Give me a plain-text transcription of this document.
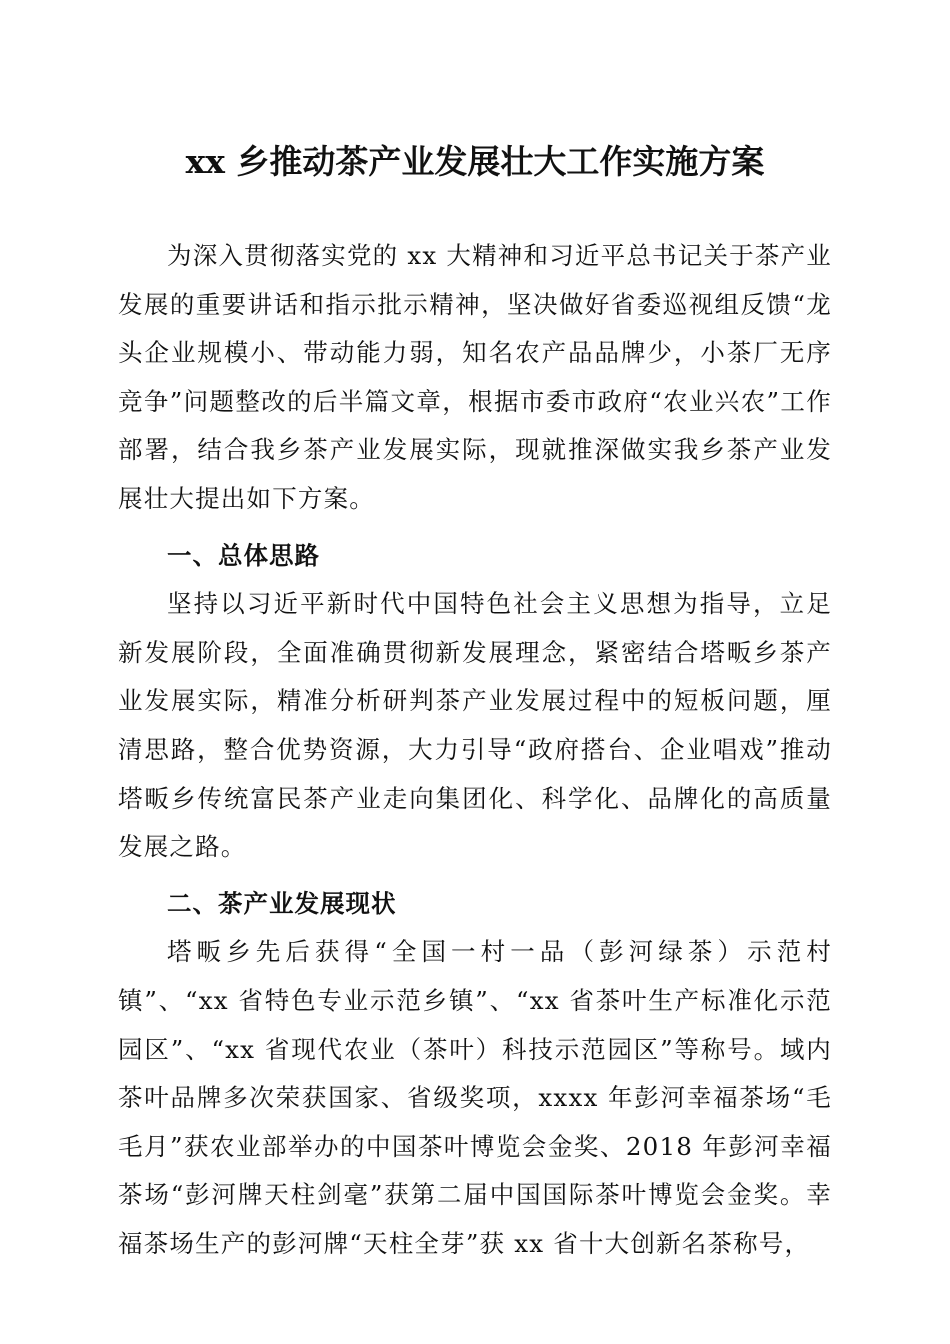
xx 乡推动茶产业发展壮大工作实施方案

为深入贯彻落实党的 xx 大精神和习近平总书记关于茶产业发展的重要讲话和指示批示精神，坚决做好省委巡视组反馈“龙头企业规模小、带动能力弱，知名农产品品牌少，小茶厂无序竞争”问题整改的后半篇文章，根据市委市政府“农业兴农”工作部署，结合我乡茶产业发展实际，现就推深做实我乡茶产业发展壮大提出如下方案。

一、总体思路

坚持以习近平新时代中国特色社会主义思想为指导，立足新发展阶段，全面准确贯彻新发展理念，紧密结合塔畈乡茶产业发展实际，精准分析研判茶产业发展过程中的短板问题，厘清思路，整合优势资源，大力引导“政府搭台、企业唱戏”推动塔畈乡传统富民茶产业走向集团化、科学化、品牌化的高质量发展之路。

二、茶产业发展现状

塔畈乡先后获得“全国一村一品（彭河绿茶）示范村镇”、“xx 省特色专业示范乡镇”、“xx 省茶叶生产标准化示范园区”、“xx 省现代农业（茶叶）科技示范园区”等称号。域内茶叶品牌多次荣获国家、省级奖项，xxxx 年彭河幸福茶场“毛毛月”获农业部举办的中国茶叶博览会金奖、2018 年彭河幸福茶场“彭河牌天柱剑毫”获第二届中国国际茶叶博览会金奖。幸福茶场生产的彭河牌“天柱全芽”获 xx 省十大创新名茶称号，
